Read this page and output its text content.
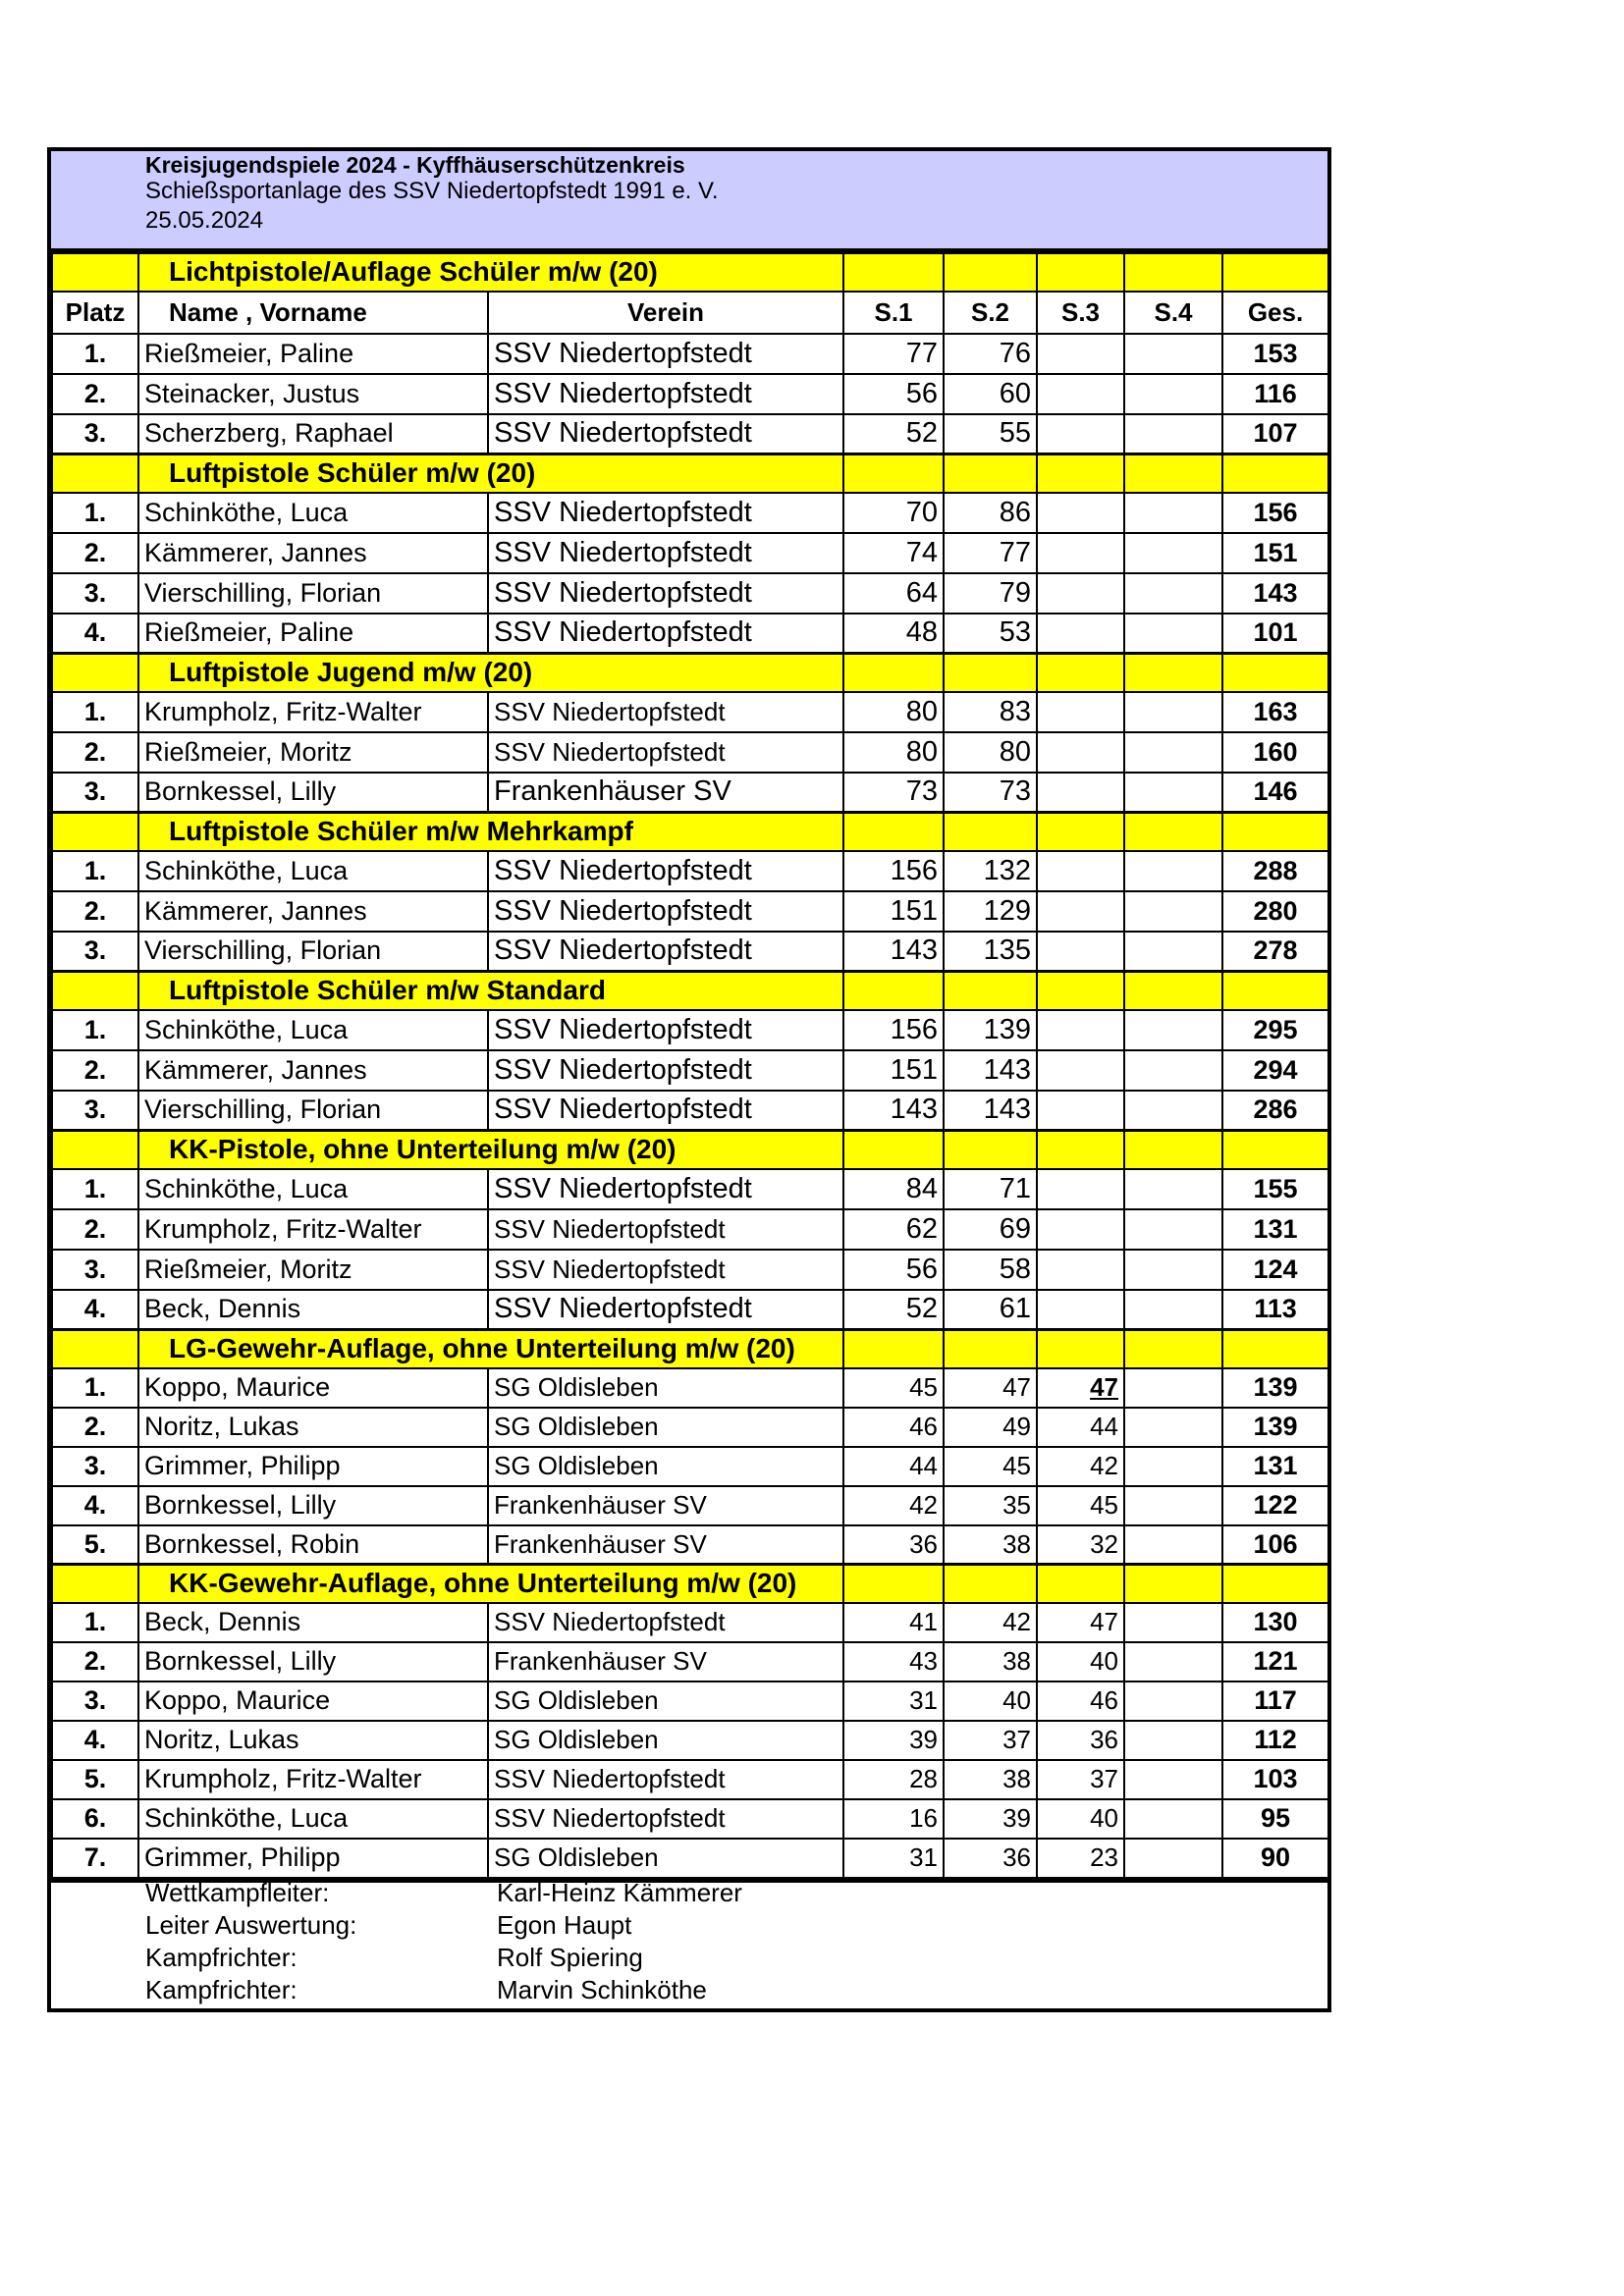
Kreisjugendspiele 2024 - Kyffhäuserschützenkreis
Schießsportanlage des SSV Niedertopfstedt 1991 e. V.
25.05.2024
	Lichtpistole/Auflage Schüler m/w (20)						
Platz	Name , Vorname	Verein	S.1	S.2	S.3	S.4	Ges.
1.	Rießmeier, Paline	SSV Niedertopfstedt	77	76			153
2.	Steinacker, Justus	SSV Niedertopfstedt	56	60			116
3.	Scherzberg, Raphael	SSV Niedertopfstedt	52	55			107
	Luftpistole Schüler m/w (20)						
1.	Schinköthe, Luca	SSV Niedertopfstedt	70	86			156
2.	Kämmerer, Jannes	SSV Niedertopfstedt	74	77			151
3.	Vierschilling, Florian	SSV Niedertopfstedt	64	79			143
4.	Rießmeier, Paline	SSV Niedertopfstedt	48	53			101
	Luftpistole Jugend m/w (20)						
1.	Krumpholz, Fritz-Walter	SSV Niedertopfstedt	80	83			163
2.	Rießmeier, Moritz	SSV Niedertopfstedt	80	80			160
3.	Bornkessel, Lilly	Frankenhäuser SV	73	73			146
	Luftpistole Schüler m/w Mehrkampf						
1.	Schinköthe, Luca	SSV Niedertopfstedt	156	132			288
2.	Kämmerer, Jannes	SSV Niedertopfstedt	151	129			280
3.	Vierschilling, Florian	SSV Niedertopfstedt	143	135			278
	Luftpistole Schüler m/w Standard						
1.	Schinköthe, Luca	SSV Niedertopfstedt	156	139			295
2.	Kämmerer, Jannes	SSV Niedertopfstedt	151	143			294
3.	Vierschilling, Florian	SSV Niedertopfstedt	143	143			286
	KK-Pistole, ohne Unterteilung m/w (20)						
1.	Schinköthe, Luca	SSV Niedertopfstedt	84	71			155
2.	Krumpholz, Fritz-Walter	SSV Niedertopfstedt	62	69			131
3.	Rießmeier, Moritz	SSV Niedertopfstedt	56	58			124
4.	Beck, Dennis	SSV Niedertopfstedt	52	61			113
	LG-Gewehr-Auflage, ohne Unterteilung m/w (20)						
1.	Koppo, Maurice	SG Oldisleben	45	47	47		139
2.	Noritz, Lukas	SG Oldisleben	46	49	44		139
3.	Grimmer, Philipp	SG Oldisleben	44	45	42		131
4.	Bornkessel, Lilly	Frankenhäuser SV	42	35	45		122
5.	Bornkessel, Robin	Frankenhäuser SV	36	38	32		106
	KK-Gewehr-Auflage, ohne Unterteilung m/w (20)						
1.	Beck, Dennis	SSV Niedertopfstedt	41	42	47		130
2.	Bornkessel, Lilly	Frankenhäuser SV	43	38	40		121
3.	Koppo, Maurice	SG Oldisleben	31	40	46		117
4.	Noritz, Lukas	SG Oldisleben	39	37	36		112
5.	Krumpholz, Fritz-Walter	SSV Niedertopfstedt	28	38	37		103
6.	Schinköthe, Luca	SSV Niedertopfstedt	16	39	40		95
7.	Grimmer, Philipp	SG Oldisleben	31	36	23		90
Wettkampfleiter:	Karl-Heinz Kämmerer
Leiter Auswertung:	Egon Haupt
Kampfrichter:	Rolf Spiering
Kampfrichter:	Marvin Schinköthe
